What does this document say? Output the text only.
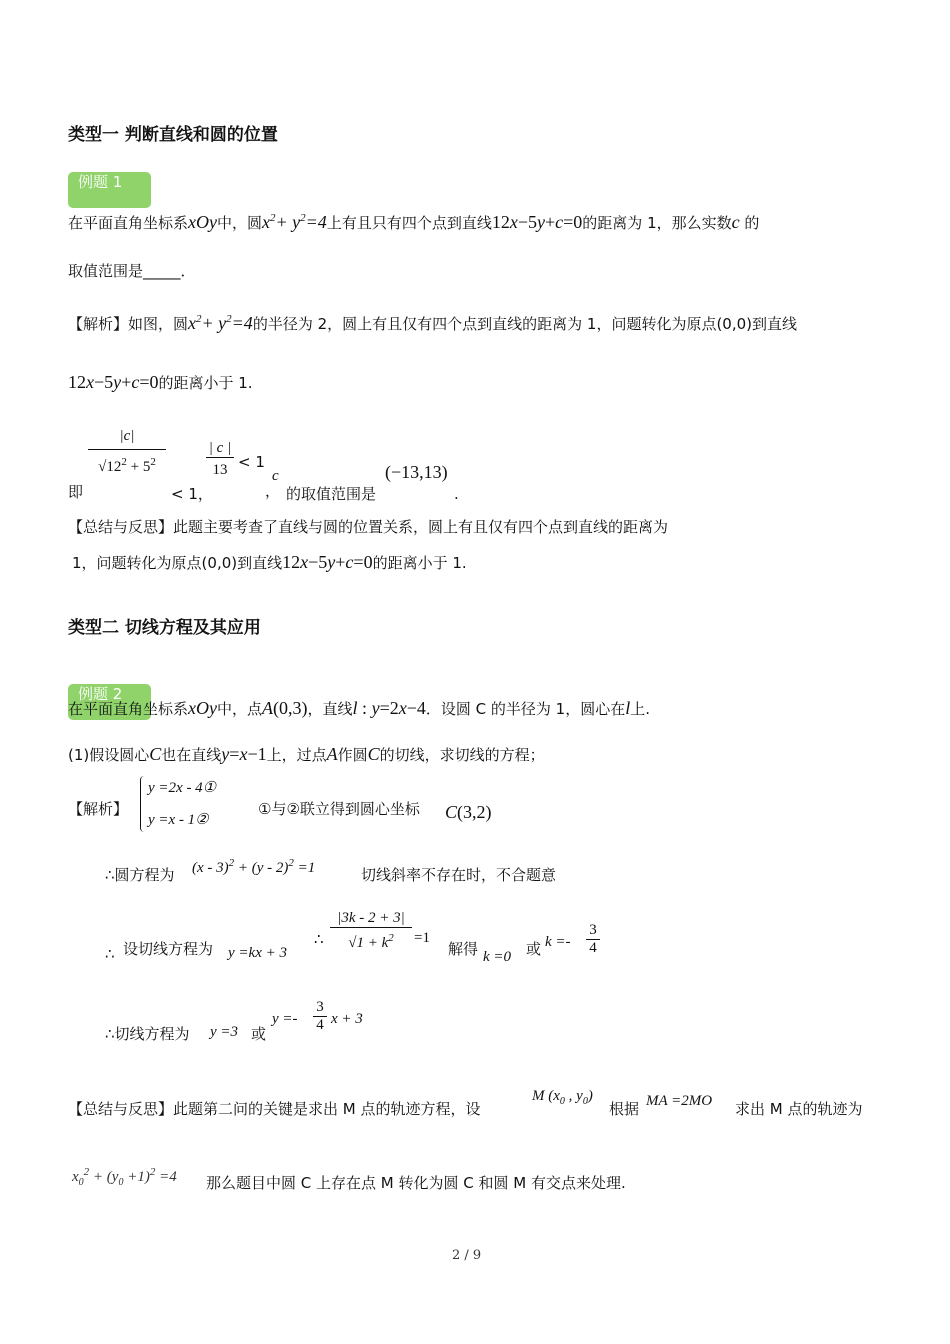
类型一 判断直线和圆的位置
例题 1
在平面直角坐标系xOy中，圆$x^2+ y^2=4$上有且只有四个点到直线12x−5y+c=0的距离为 1，那么实数c 的
取值范围是_____．
【解析】如图，圆$x^2+ y^2=4$的半径为 2，圆上有且仅有四个点到直线的距离为 1，问题转化为原点(0,0)到直线
12x−5y+c=0的距离小于 1.
即
|c|
$√12^2 + 5^2$
< 1，
| c |
13 < 1
，
c
的取值范围是
(−13,13)
.
【总结与反思】此题主要考查了直线与圆的位置关系，圆上有且仅有四个点到直线的距离为
1，问题转化为原点(0,0)到直线12x−5y+c=0的距离小于 1.
类型二 切线方程及其应用
例题 2
在平面直角坐标系xOy中，点A(0,3)，直线l : y=2x−4．设圆 C 的半径为 1，圆心在l上.
(1)假设圆心C也在直线y=x−1上，过点A作圆C的切线，求切线的方程；
【解析】
y =2x - 4①
y =x - 1②
①与②联立得到圆心坐标 C(3,2)
∴圆方程为 (x - 3)$^2$ + (y - 2)$^2$ =1	切线斜率不存在时，不合题意
∴ 设切线方程为 y =kx + 3
∴
|3k - 2 + 3|
$√1 + k^2$	=1
解得 k =0 或 k =-
3
4
∴切线方程为 y =3 或
y =-
3
4 x + 3
【总结与反思】此题第二问的关键是求出 M 点的轨迹方程，设
M ($x_0$ , $y_0$)
根据 MA =2MO 求出 M 点的轨迹为
$x_0^2 + (y_0 +1)^2 =4$ 那么题目中圆 C 上存在点 M 转化为圆 C 和圆 M 有交点来处理.
2 / 9
